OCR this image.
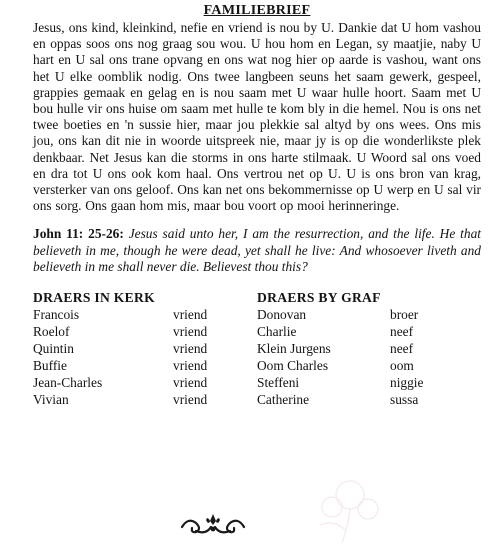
FAMILIEBRIEF

Jesus, ons kind, kleinkind, nefie en vriend is nou by U. Dankie dat U hom vashou en oppas soos ons nog graag sou wou. U hou hom en Legan, sy maatjie, naby U hart en U sal ons trane opvang en ons wat nog hier op aarde is vashou, want ons het U elke oomblik nodig. Ons twee langbeen seuns het saam gewerk, gespeel, grappies gemaak en gelag en is nou saam met U waar hulle hoort. Saam met U bou hulle vir ons huise om saam met hulle te kom bly in die hemel. Nou is ons net twee boeties en 'n sussie hier, maar jou plekkie sal altyd by ons wees. Ons mis jou, ons kan dit nie in woorde uitspreek nie, maar jy is op die wonderlikste plek denkbaar. Net Jesus kan die storms in ons harte stilmaak. U Woord sal ons voed en dra tot U ons ook kom haal. Ons vertrou net op U. U is ons bron van krag, versterker van ons geloof. Ons kan net ons bekommernisse op U werp en U sal vir ons sorg. Ons gaan hom mis, maar bou voort op mooi herinneringe.

John 11: 25-26: Jesus said unto her, I am the resurrection, and the life. He that believeth in me, though he were dead, yet shall he live: And whosoever liveth and believeth in me shall never die. Believest thou this?

DRAERS IN KERK
Francois	vriend
Roelof	vriend
Quintin	vriend
Buffie	vriend
Jean-Charles	vriend
Vivian	vriend
DRAERS BY GRAF
Donovan	broer
Charlie	neef
Klein Jurgens	neef
Oom Charles	oom
Steffeni	niggie
Catherine	sussa
